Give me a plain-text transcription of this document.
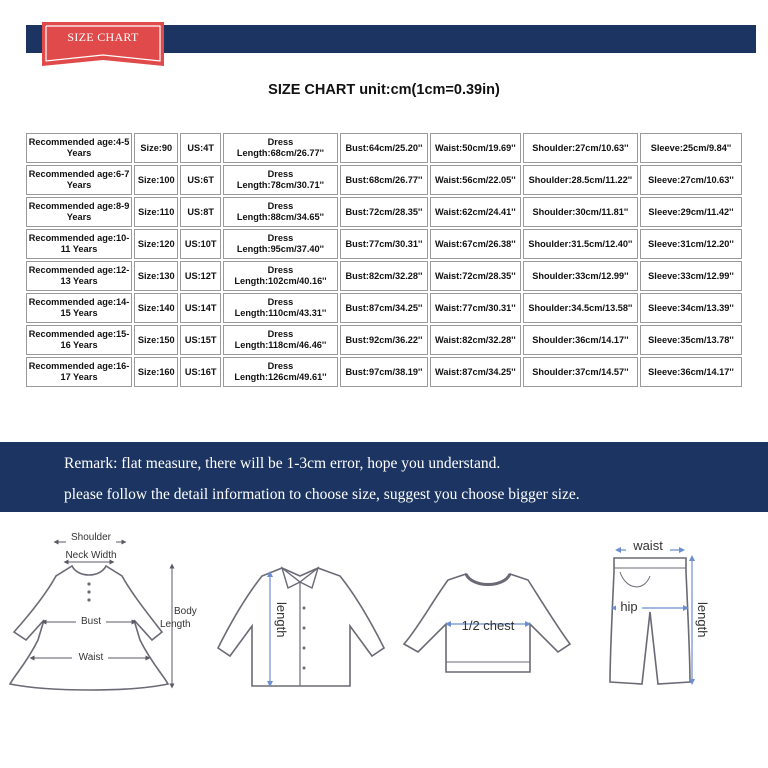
SIZE CHART
SIZE CHART unit:cm(1cm=0.39in)
Recommended age:4-5 Years	Size:90	US:4T	Dress Length:68cm/26.77''	Bust:64cm/25.20''	Waist:50cm/19.69''	Shoulder:27cm/10.63''	Sleeve:25cm/9.84''
Recommended age:6-7 Years	Size:100	US:6T	Dress Length:78cm/30.71''	Bust:68cm/26.77''	Waist:56cm/22.05''	Shoulder:28.5cm/11.22''	Sleeve:27cm/10.63''
Recommended age:8-9 Years	Size:110	US:8T	Dress Length:88cm/34.65''	Bust:72cm/28.35''	Waist:62cm/24.41''	Shoulder:30cm/11.81''	Sleeve:29cm/11.42''
Recommended age:10-11 Years	Size:120	US:10T	Dress Length:95cm/37.40''	Bust:77cm/30.31''	Waist:67cm/26.38''	Shoulder:31.5cm/12.40''	Sleeve:31cm/12.20''
Recommended age:12-13 Years	Size:130	US:12T	Dress Length:102cm/40.16''	Bust:82cm/32.28''	Waist:72cm/28.35''	Shoulder:33cm/12.99''	Sleeve:33cm/12.99''
Recommended age:14-15 Years	Size:140	US:14T	Dress Length:110cm/43.31''	Bust:87cm/34.25''	Waist:77cm/30.31''	Shoulder:34.5cm/13.58''	Sleeve:34cm/13.39''
Recommended age:15-16 Years	Size:150	US:15T	Dress Length:118cm/46.46''	Bust:92cm/36.22''	Waist:82cm/32.28''	Shoulder:36cm/14.17''	Sleeve:35cm/13.78''
Recommended age:16-17 Years	Size:160	US:16T	Dress Length:126cm/49.61''	Bust:97cm/38.19''	Waist:87cm/34.25''	Shoulder:37cm/14.57''	Sleeve:36cm/14.17''
Remark: flat measure, there will be 1-3cm error, hope you understand.
please follow the detail information to choose size, suggest you choose bigger size.
Shoulder
Neck Width
Bust
Waist
Body
Length	length	1/2 chest
waist
hip	length
